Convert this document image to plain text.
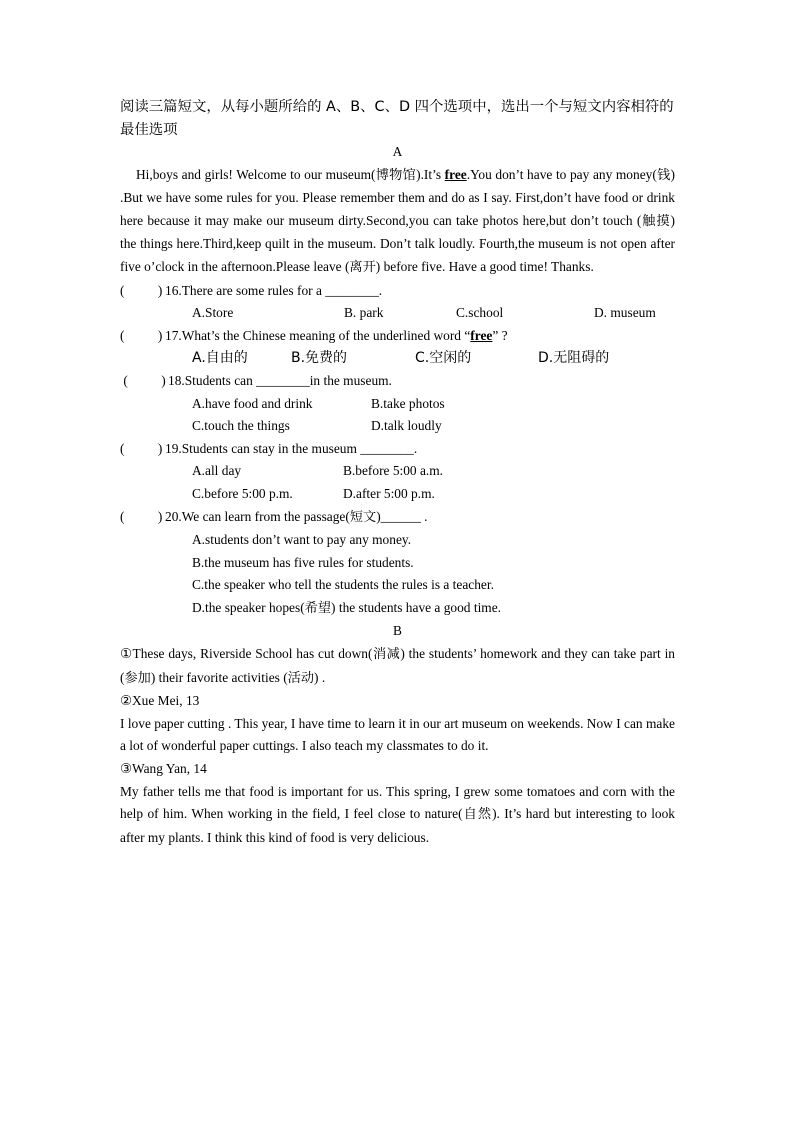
阅读三篇短文，从每小题所给的 A、B、C、D 四个选项中，选出一个与短文内容相符的最佳选项
A
Hi,boys and girls! Welcome to our museum(博物馆).It’s free.You don’t have to pay any money(钱) .But we have some rules for you. Please remember them and do as I say. First,don’t have food or drink here because it may make our museum dirty.Second,you can take photos here,but don’t touch (触摸) the things here.Third,keep quilt in the museum. Don’t talk loudly. Fourth,the museum is not open after five o’clock in the afternoon.Please leave (离开) before five. Have a good time! Thanks.
(          ) 16.There are some rules for a ________.
A.Store	B. park	C.school	D. museum
(          ) 17.What’s the Chinese meaning of the underlined word “free” ?
A.自由的	B.免费的	C.空闲的	D.无阻碍的
(          ) 18.Students can ________in the museum.
A.have food and drink	B.take photos
C.touch the things	D.talk loudly
(          ) 19.Students can stay in the museum ________.
A.all day	B.before 5:00 a.m.
C.before 5:00 p.m.	D.after 5:00 p.m.
(          ) 20.We can learn from the passage(短文)______ .
A.students don’t want to pay any money.
B.the museum has five rules for students.
C.the speaker who tell the students the rules is a teacher.
D.the speaker hopes(希望) the students have a good time.
B
①These days, Riverside School has cut down(消减) the students’ homework and they can take part in (参加) their favorite activities (活动) .
②Xue Mei, 13
I love paper cutting . This year, I have time to learn it in our art museum on weekends. Now I can make a lot of wonderful paper cuttings. I also teach my classmates to do it.
③Wang Yan, 14
My father tells me that food is important for us. This spring, I grew some tomatoes and corn with the help of him. When working in the field, I feel close to nature(自然). It’s hard but interesting to look after my plants. I think this kind of food is very delicious.
